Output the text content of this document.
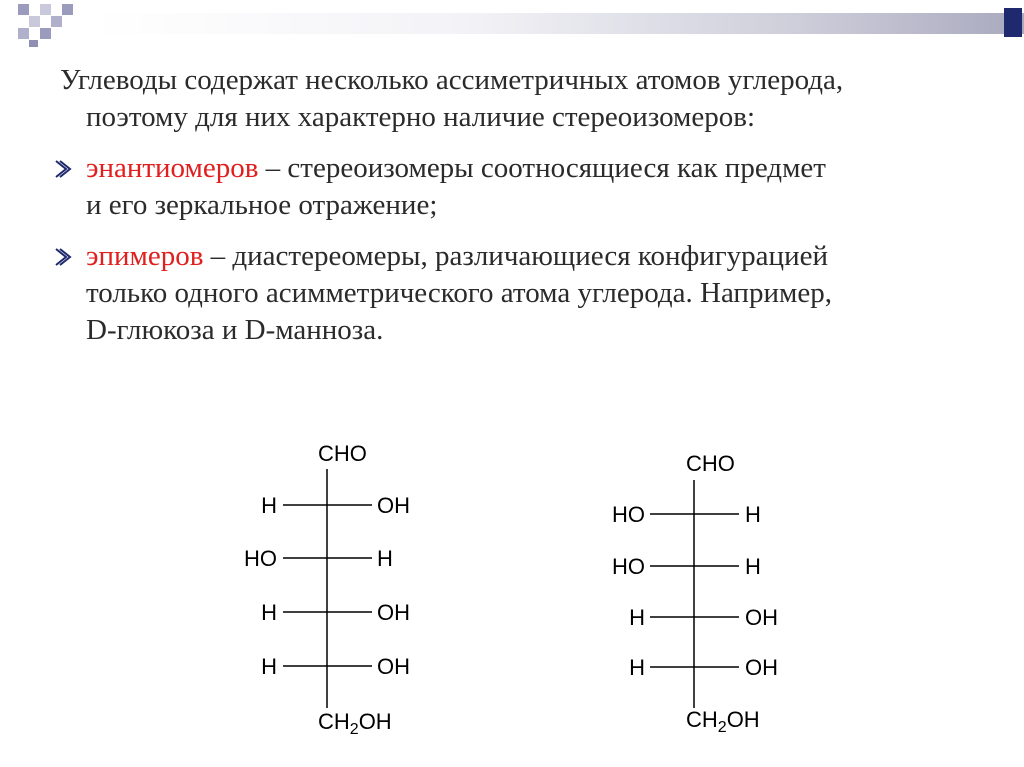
Углеводы содержат несколько ассиметричных атомов углерода,
поэтому для них характерно наличие стереоизомеров:
энантиомеров – стереоизомеры соотносящиеся как предмет
и его зеркальное отражение;
эпимеров – диастереомеры, различающиеся конфигурацией
только одного асимметрического атома углерода. Например,
D-глюкоза и D-манноза.
CHO
H	OH
HO	H
H	OH
H	OH
$CH_2OH$
CHO
HO	H
HO	H
H	OH
H	OH
$CH_2OH$
